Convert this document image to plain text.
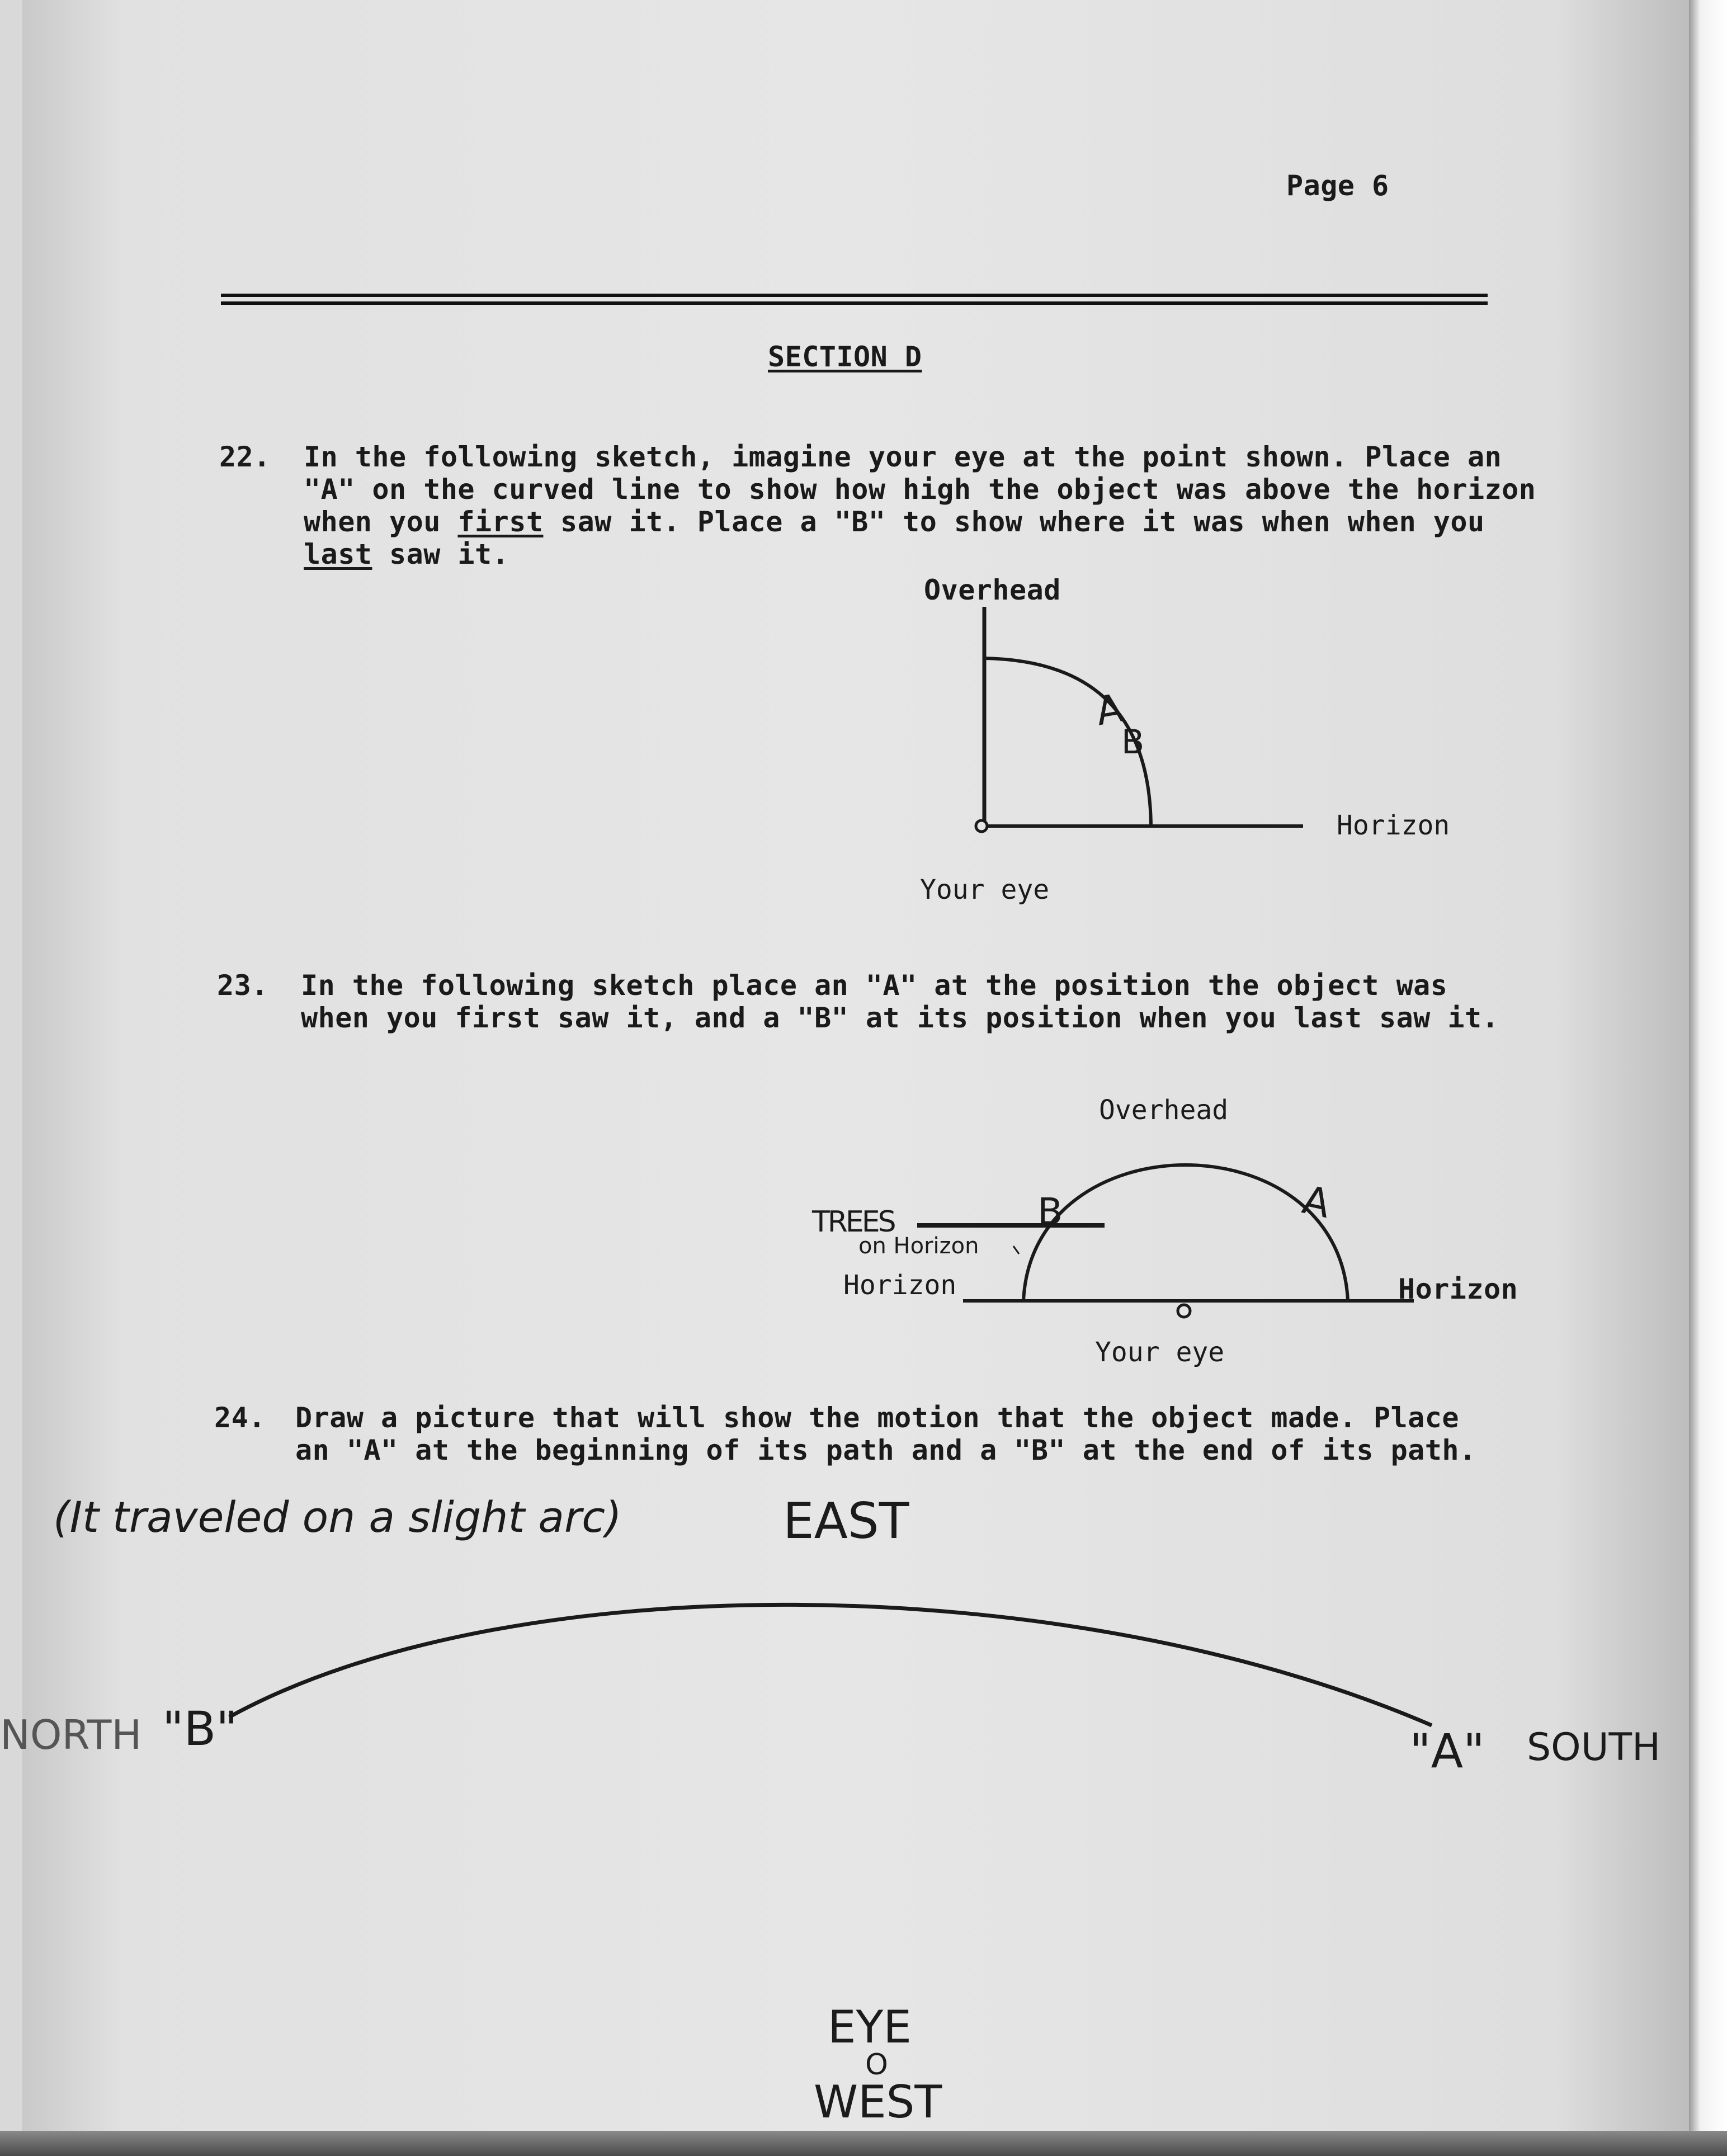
Page 6
SECTION D
22. In the following sketch, imagine your eye at the point shown. Place an
"A" on the curved line to show how high the object was above the horizon
when you first saw it. Place a "B" to show where it was when when you
last saw it.
Overhead
Horizon
Your eye
A
B
23. In the following sketch place an "A" at the position the object was
when you first saw it, and a "B" at its position when you last saw it.
Overhead
Horizon	Horizon
Your eye
TREES
on Horizon
B	A
24. Draw a picture that will show the motion that the object made. Place
an "A" at the beginning of its path and a "B" at the end of its path.
(It traveled on a slight arc)	EAST
NORTH "B"	"A" SOUTH
EYE
O
WEST
